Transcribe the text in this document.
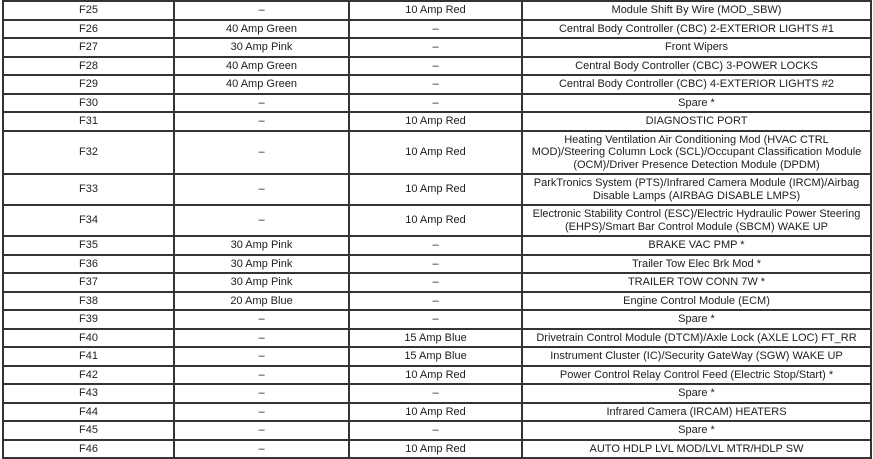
F25	–	10 Amp Red	Module Shift By Wire (MOD_SBW)
F26	40 Amp Green	–	Central Body Controller (CBC) 2-EXTERIOR LIGHTS #1
F27	30 Amp Pink	–	Front Wipers
F28	40 Amp Green	–	Central Body Controller (CBC) 3-POWER LOCKS
F29	40 Amp Green	–	Central Body Controller (CBC) 4-EXTERIOR LIGHTS #2
F30	–	–	Spare *
F31	–	10 Amp Red	DIAGNOSTIC PORT
F32	–	10 Amp Red	Heating Ventilation Air Conditioning Mod (HVAC CTRL MOD)/Steering Column Lock (SCL)/Occupant Classification Module (OCM)/Driver Presence Detection Module (DPDM)
F33	–	10 Amp Red	ParkTronics System (PTS)/Infrared Camera Module (IRCM)/Airbag Disable Lamps (AIRBAG DISABLE LMPS)
F34	–	10 Amp Red	Electronic Stability Control (ESC)/Electric Hydraulic Power Steering (EHPS)/Smart Bar Control Module (SBCM) WAKE UP
F35	30 Amp Pink	–	BRAKE VAC PMP *
F36	30 Amp Pink	–	Trailer Tow Elec Brk Mod *
F37	30 Amp Pink	–	TRAILER TOW CONN 7W *
F38	20 Amp Blue	–	Engine Control Module (ECM)
F39	–	–	Spare *
F40	–	15 Amp Blue	Drivetrain Control Module (DTCM)/Axle Lock (AXLE LOC) FT_RR
F41	–	15 Amp Blue	Instrument Cluster (IC)/Security GateWay (SGW) WAKE UP
F42	–	10 Amp Red	Power Control Relay Control Feed (Electric Stop/Start) *
F43	–	–	Spare *
F44	–	10 Amp Red	Infrared Camera (IRCAM) HEATERS
F45	–	–	Spare *
F46	–	10 Amp Red	AUTO HDLP LVL MOD/LVL MTR/HDLP SW
